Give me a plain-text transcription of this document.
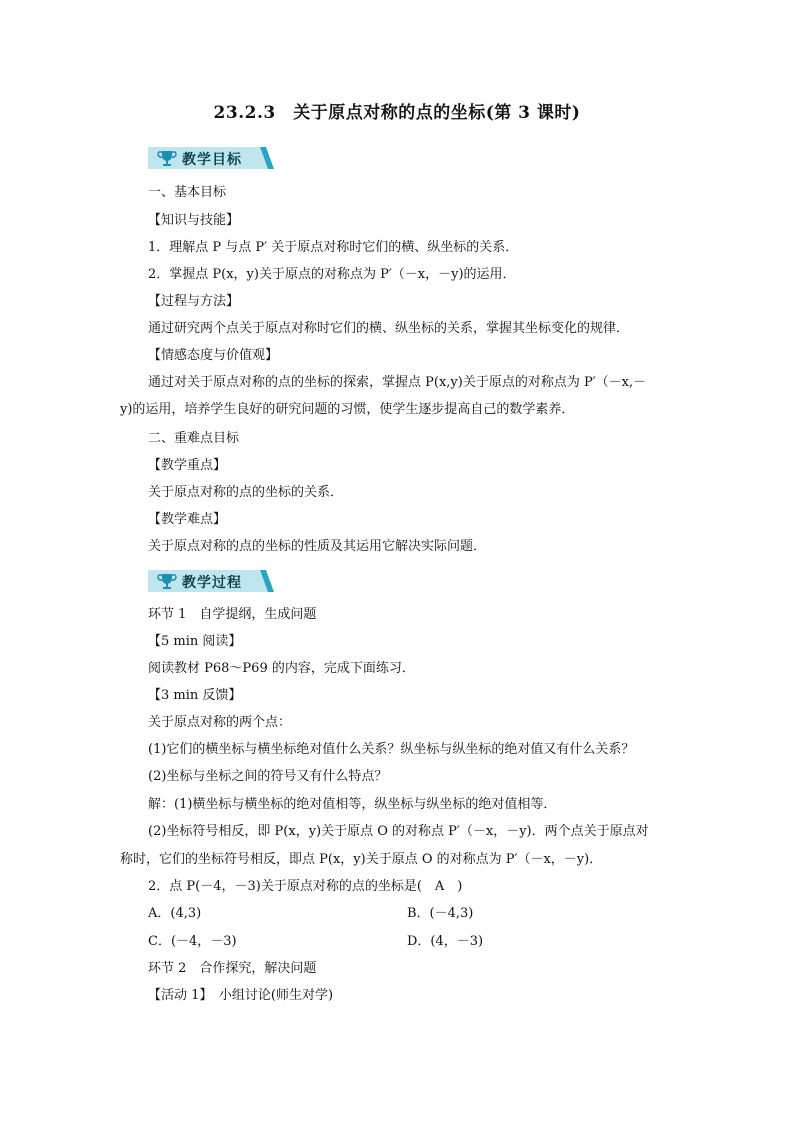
23.2.3　关于原点对称的点的坐标(第 3 课时)
教学目标
一、基本目标
【知识与技能】
1．理解点 P 与点 P′ 关于原点对称时它们的横、纵坐标的关系．
2．掌握点 P(x，y)关于原点的对称点为 P′（－x，－y)的运用．
【过程与方法】
通过研究两个点关于原点对称时它们的横、纵坐标的关系，掌握其坐标变化的规律．
【情感态度与价值观】
通过对关于原点对称的点的坐标的探索，掌握点 P(x,y)关于原点的对称点为 P′（－x,－
y)的运用，培养学生良好的研究问题的习惯，使学生逐步提高自己的数学素养．
二、重难点目标
【教学重点】
关于原点对称的点的坐标的关系．
【教学难点】
关于原点对称的点的坐标的性质及其运用它解决实际问题．
教学过程
环节 1　自学提纲，生成问题
【5 min 阅读】
阅读教材 P68～P69 的内容，完成下面练习．
【3 min 反馈】
关于原点对称的两个点：
(1)它们的横坐标与横坐标绝对值什么关系？纵坐标与纵坐标的绝对值又有什么关系？
(2)坐标与坐标之间的符号又有什么特点？
解：(1)横坐标与横坐标的绝对值相等，纵坐标与纵坐标的绝对值相等．
(2)坐标符号相反，即 P(x，y)关于原点 O 的对称点 P′（－x，－y)．两个点关于原点对
称时，它们的坐标符号相反，即点 P(x，y)关于原点 O 的对称点为 P′（－x，－y)．
2．点 P(－4，－3)关于原点对称的点的坐标是(　A　)
A．(4,3)	B．(－4,3)
C．(－4，－3)	D．(4，－3)
环节 2　合作探究，解决问题
【活动 1】　小组讨论(师生对学)
